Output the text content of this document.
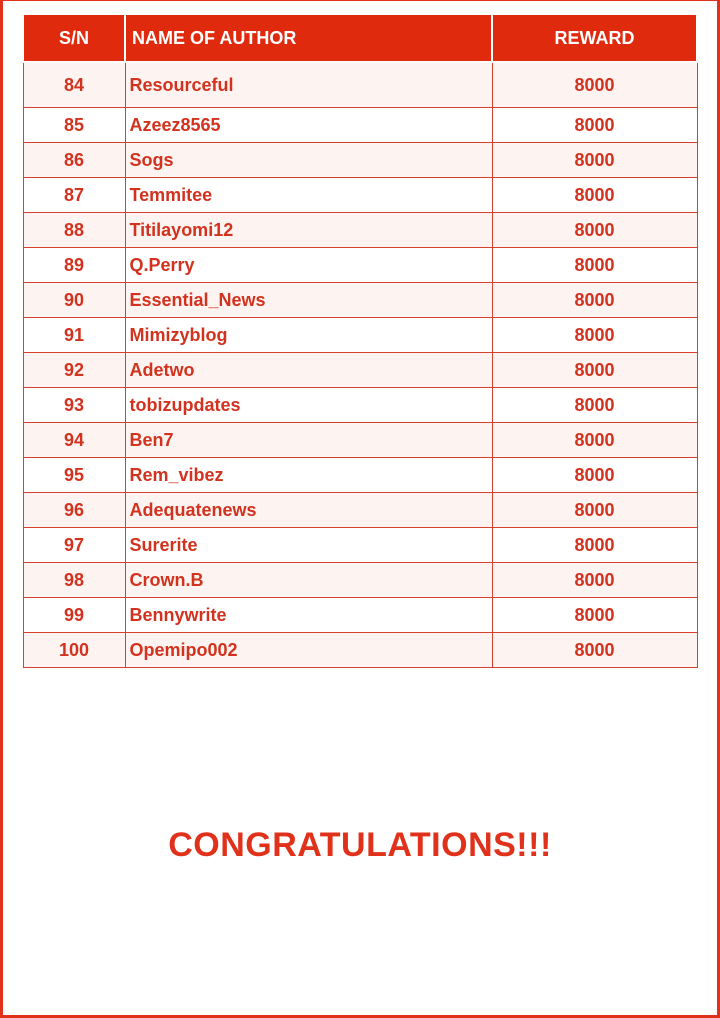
S/N	NAME OF AUTHOR	REWARD
84	Resourceful	8000
85	Azeez8565	8000
86	Sogs	8000
87	Temmitee	8000
88	Titilayomi12	8000
89	Q.Perry	8000
90	Essential_News	8000
91	Mimizyblog	8000
92	Adetwo	8000
93	tobizupdates	8000
94	Ben7	8000
95	Rem_vibez	8000
96	Adequatenews	8000
97	Surerite	8000
98	Crown.B	8000
99	Bennywrite	8000
100	Opemipo002	8000
CONGRATULATIONS!!!
